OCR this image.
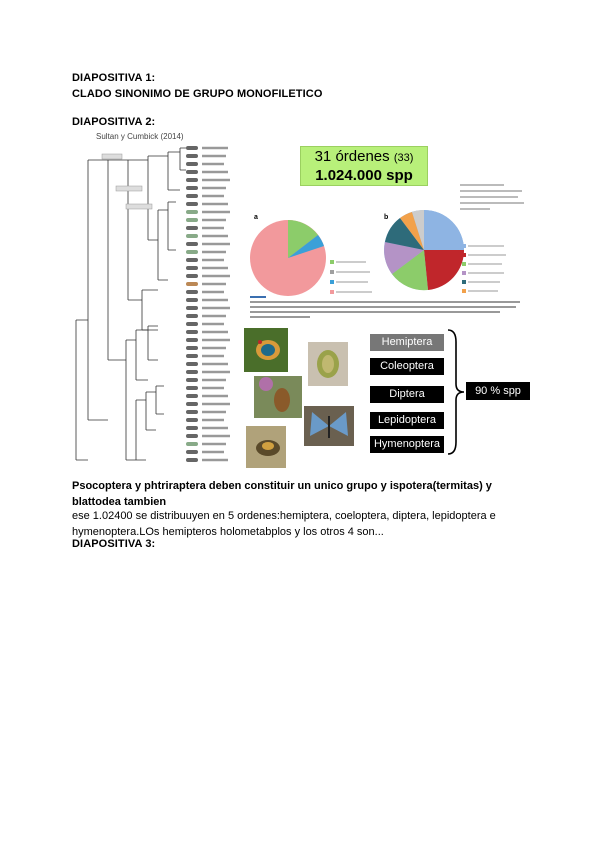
DIAPOSITIVA 1:
CLADO SINONIMO DE GRUPO MONOFILETICO
DIAPOSITIVA 2:
Sultan y Cumbick (2014)
31 órdenes (33)
1.024.000 spp
a	b
Hemiptera
Coleoptera
Diptera
Lepidoptera
Hymenoptera
90 % spp
Psocoptera y phtriraptera deben constituir un unico grupo y ispotera(termitas) y blattodea tambien
ese 1.02400 se distribuuyen en 5 ordenes:hemiptera, coeloptera, diptera, lepidoptera e hymenoptera.LOs hemipteros holometabplos y los otros 4 son...
DIAPOSITIVA 3:
